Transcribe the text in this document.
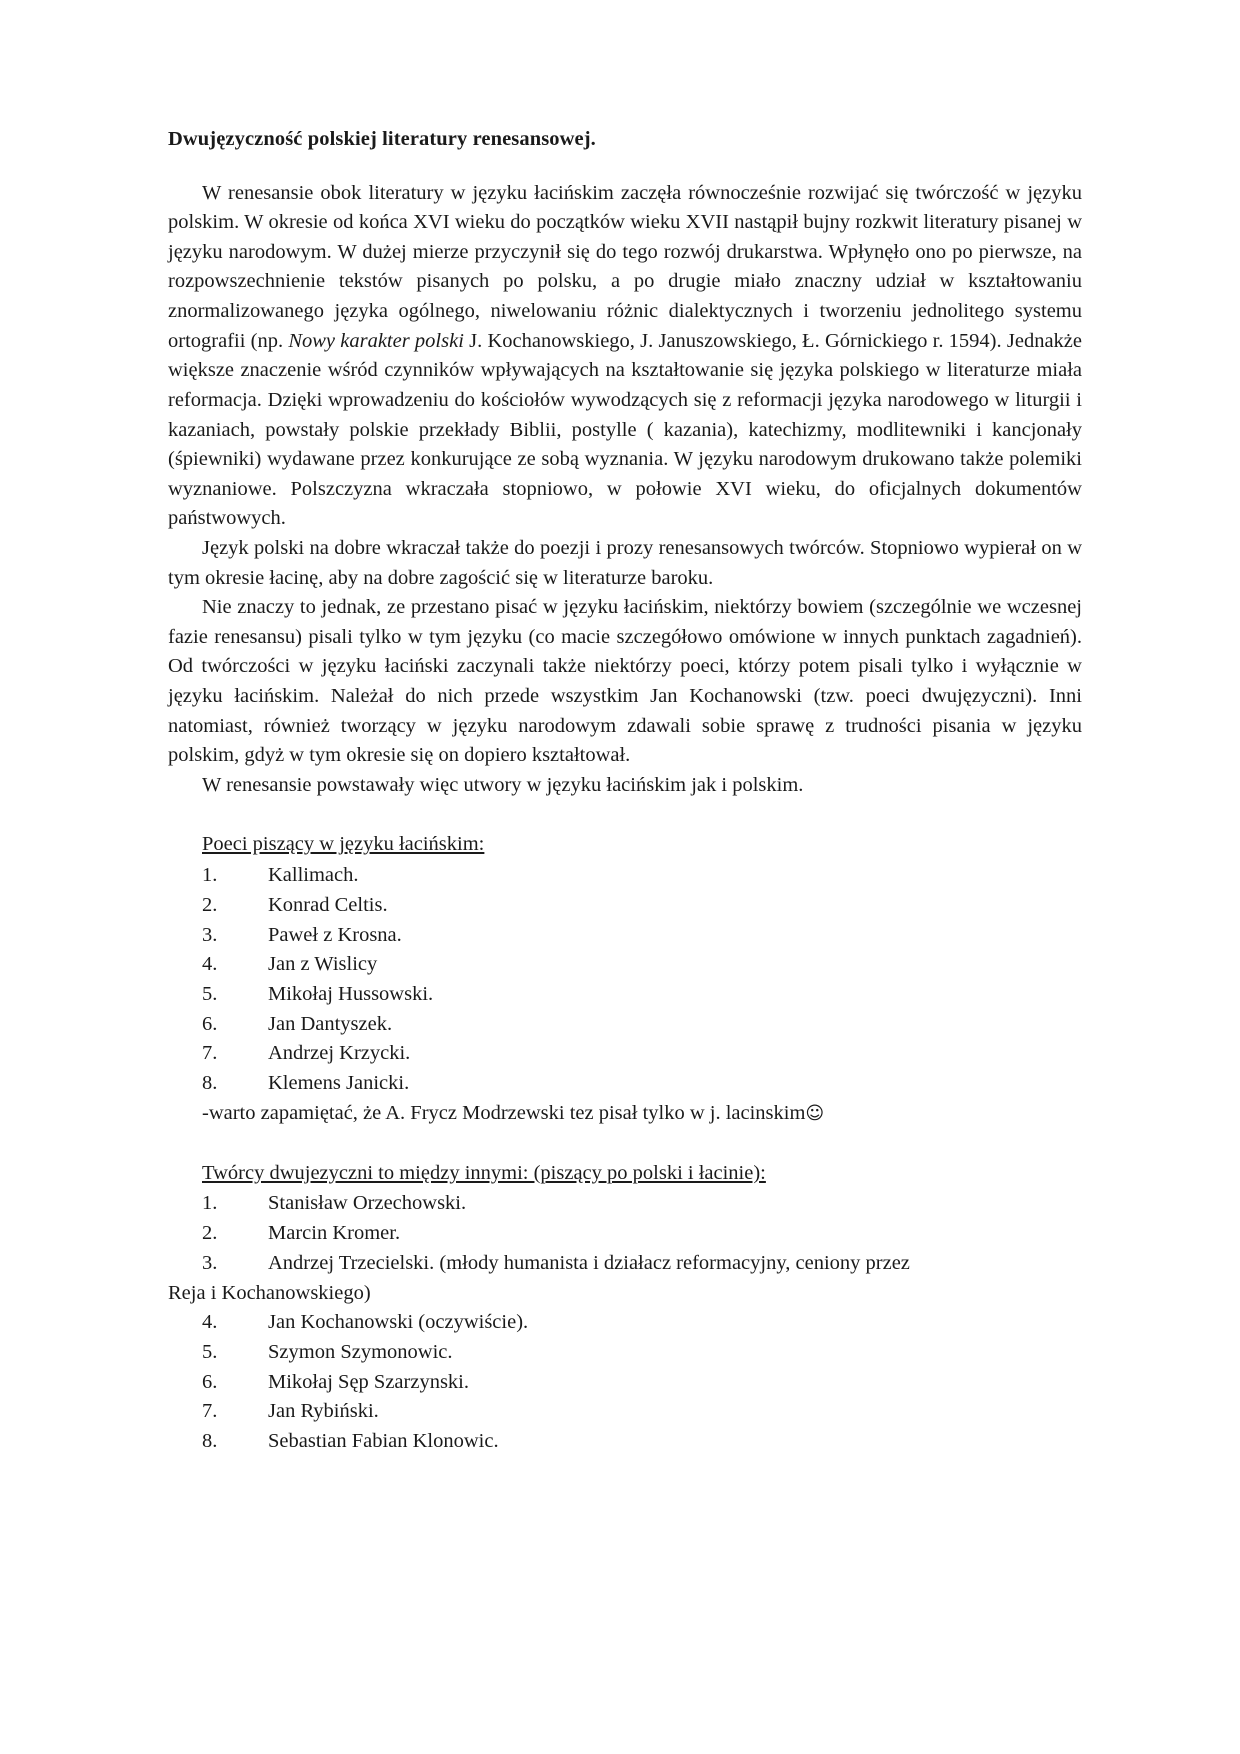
Dwujęzyczność polskiej literatury renesansowej.

W renesansie obok literatury w języku łacińskim zaczęła równocześnie rozwijać się twórczość w języku polskim. W okresie od końca XVI wieku do początków wieku XVII nastąpił bujny rozkwit literatury pisanej w języku narodowym. W dużej mierze przyczynił się do tego rozwój drukarstwa. Wpłynęło ono po pierwsze, na rozpowszechnienie tekstów pisanych po polsku, a po drugie miało znaczny udział w kształtowaniu znormalizowanego języka ogólnego, niwelowaniu różnic dialektycznych i tworzeniu jednolitego systemu ortografii (np. Nowy karakter polski J. Kochanowskiego, J. Januszowskiego, Ł. Górnickiego r. 1594). Jednakże większe znaczenie wśród czynników wpływających na kształtowanie się języka polskiego w literaturze miała reformacja. Dzięki wprowadzeniu do kościołów wywodzących się z reformacji języka narodowego w liturgii i kazaniach, powstały polskie przekłady Biblii, postylle ( kazania), katechizmy, modlitewniki i kancjonały (śpiewniki) wydawane przez konkurujące ze sobą wyznania. W języku narodowym drukowano także polemiki wyznaniowe. Polszczyzna wkraczała stopniowo, w połowie XVI wieku, do oficjalnych dokumentów państwowych.

Język polski na dobre wkraczał także do poezji i prozy renesansowych twórców. Stopniowo wypierał on w tym okresie łacinę, aby na dobre zagościć się w literaturze baroku.

Nie znaczy to jednak, ze przestano pisać w języku łacińskim, niektórzy bowiem (szczególnie we wczesnej fazie renesansu) pisali tylko w tym języku (co macie szczegółowo omówione w innych punktach zagadnień). Od twórczości w języku łaciński zaczynali także niektórzy poeci, którzy potem pisali tylko i wyłącznie w języku łacińskim. Należał do nich przede wszystkim Jan Kochanowski (tzw. poeci dwujęzyczni). Inni natomiast, również tworzący w języku narodowym zdawali sobie sprawę z trudności pisania w języku polskim, gdyż w tym okresie się on dopiero kształtował.

W renesansie powstawały więc utwory w języku łacińskim jak i polskim.

Poeci piszący w języku łacińskim:
1.	Kallimach.
2.	Konrad Celtis.
3.	Paweł z Krosna.
4.	Jan z Wislicy
5.	Mikołaj Hussowski.
6.	Jan Dantyszek.
7.	Andrzej Krzycki.
8.	Klemens Janicki.

-warto zapamiętać, że A. Frycz Modrzewski tez pisał tylko w j. lacinskim☺

Twórcy dwujezyczni to między innymi: (piszący po polski i łacinie):
1.	Stanisław Orzechowski.
2.	Marcin Kromer.
3.	Andrzej Trzecielski. (młody humanista i działacz reformacyjny, ceniony przez

Reja i Kochanowskiego)

4.	Jan Kochanowski (oczywiście).
5.	Szymon Szymonowic.
6.	Mikołaj Sęp Szarzynski.
7.	Jan Rybiński.
8.	Sebastian Fabian Klonowic.
